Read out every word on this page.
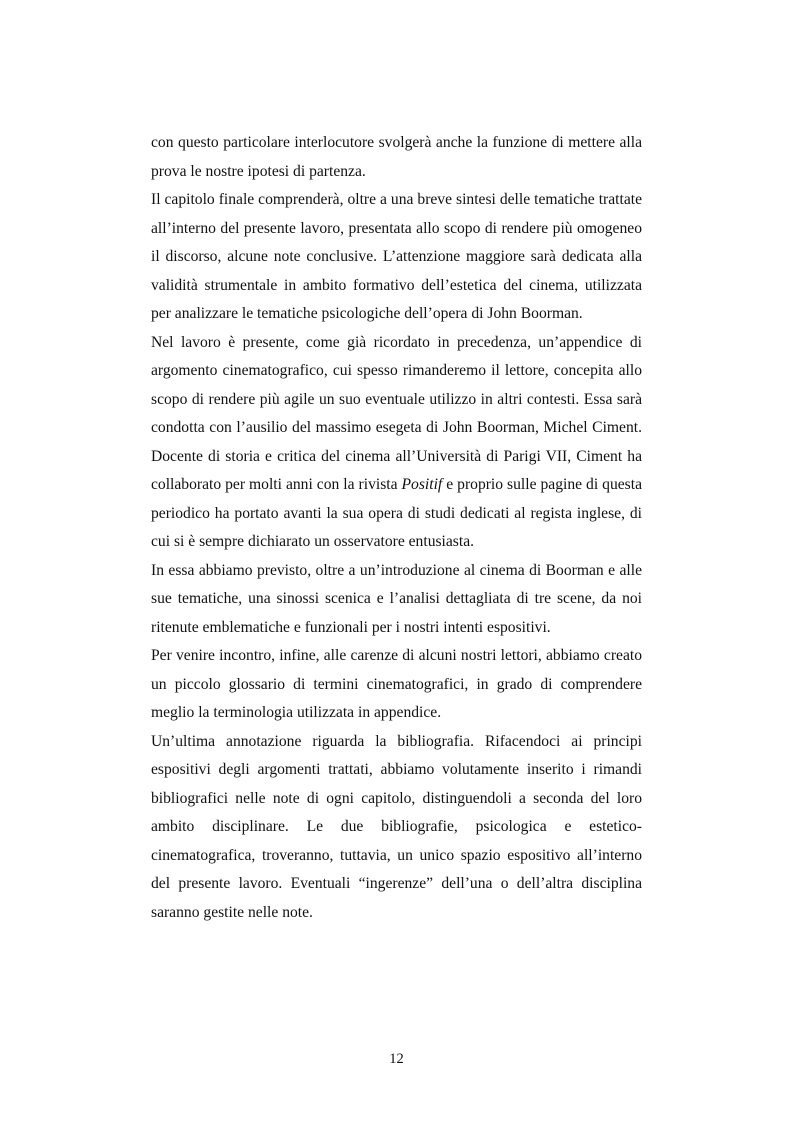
con questo particolare interlocutore svolgerà anche la funzione di mettere alla prova le nostre ipotesi di partenza.

Il capitolo finale comprenderà, oltre a una breve sintesi delle tematiche trattate all’interno del presente lavoro, presentata allo scopo di rendere più omogeneo il discorso, alcune note conclusive. L’attenzione maggiore sarà dedicata alla validità strumentale in ambito formativo dell’estetica del cinema, utilizzata per analizzare le tematiche psicologiche dell’opera di John Boorman.

Nel lavoro è presente, come già ricordato in precedenza, un’appendice di argomento cinematografico, cui spesso rimanderemo il lettore, concepita allo scopo di rendere più agile un suo eventuale utilizzo in altri contesti. Essa sarà condotta con l’ausilio del massimo esegeta di John Boorman, Michel Ciment. Docente di storia e critica del cinema all’Università di Parigi VII, Ciment ha collaborato per molti anni con la rivista Positif e proprio sulle pagine di questa periodico ha portato avanti la sua opera di studi dedicati al regista inglese, di cui si è sempre dichiarato un osservatore entusiasta.

In essa abbiamo previsto, oltre a un’introduzione al cinema di Boorman e alle sue tematiche, una sinossi scenica e l’analisi dettagliata di tre scene, da noi ritenute emblematiche e funzionali per i nostri intenti espositivi.

Per venire incontro, infine, alle carenze di alcuni nostri lettori, abbiamo creato un piccolo glossario di termini cinematografici, in grado di comprendere meglio la terminologia utilizzata in appendice.

Un’ultima annotazione riguarda la bibliografia. Rifacendoci ai principi espositivi degli argomenti trattati, abbiamo volutamente inserito i rimandi bibliografici nelle note di ogni capitolo, distinguendoli a seconda del loro ambito disciplinare. Le due bibliografie, psicologica e estetico-cinematografica, troveranno, tuttavia, un unico spazio espositivo all’interno del presente lavoro. Eventuali “ingerenze” dell’una o dell’altra disciplina saranno gestite nelle note.

12
